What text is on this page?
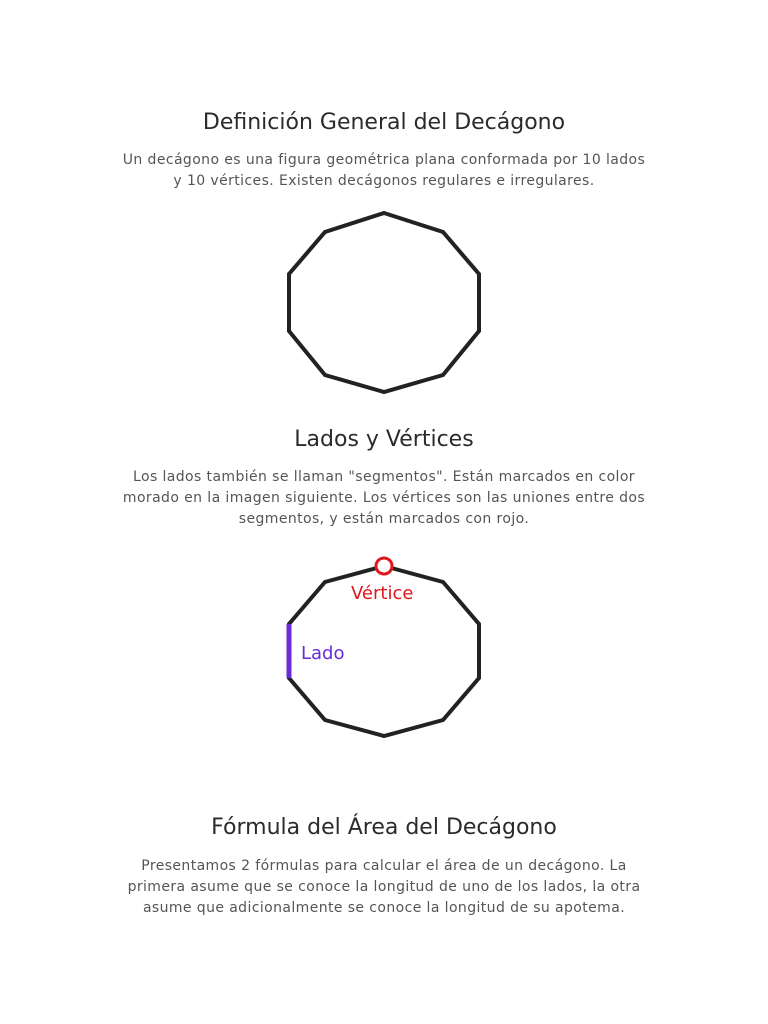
Definición General del Decágono

Un decágono es una figura geométrica plana conformada por 10 lados
y 10 vértices. Existen decágonos regulares e irregulares.

Lados y Vértices

Los lados también se llaman "segmentos". Están marcados en color
morado en la imagen siguiente. Los vértices son las uniones entre dos
segmentos, y están marcados con rojo.

Vértice
Lado
Fórmula del Área del Decágono

Presentamos 2 fórmulas para calcular el área de un decágono. La
primera asume que se conoce la longitud de uno de los lados, la otra
asume que adicionalmente se conoce la longitud de su apotema.
